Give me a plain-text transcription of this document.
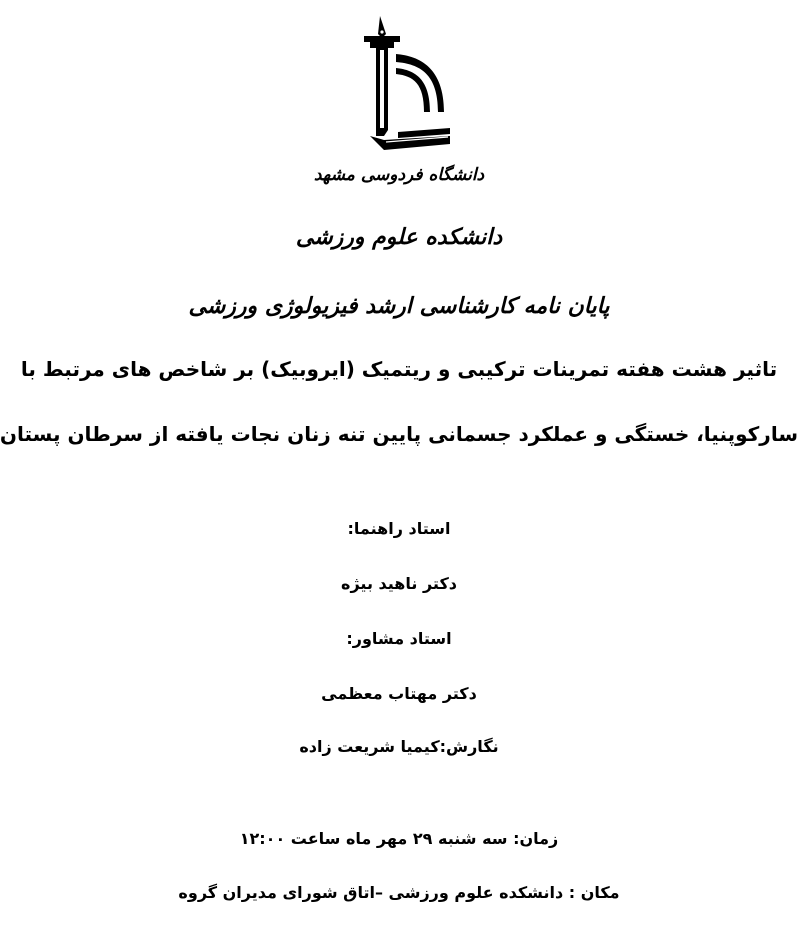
دانشگاه فردوسی مشهد
دانشکده علوم ورزشی
پایان نامه کارشناسی ارشد فیزیولوژی ورزشی
تاثیر هشت هفته تمرینات ترکیبی و ریتمیک (ایروبیک) بر شاخص های مرتبط با
سارکوپنیا، خستگی و عملکرد جسمانی پایین تنه زنان نجات یافته از سرطان پستان
استاد راهنما:
دکتر ناهید بیژه
استاد مشاور:
دکتر مهتاب معظمی
نگارش:کیمیا شریعت زاده
زمان: سه شنبه ۲۹ مهر ماه ساعت ۱۲:۰۰
مکان : دانشکده علوم ورزشی –اتاق شورای مدیران گروه
